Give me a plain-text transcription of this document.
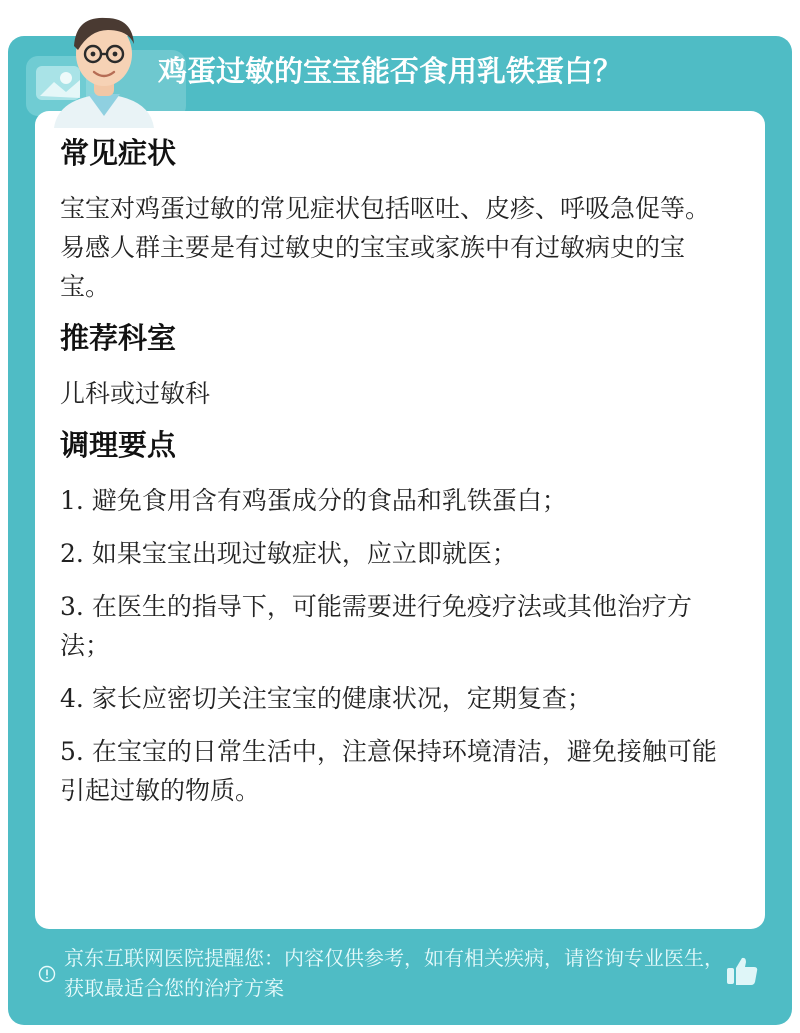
鸡蛋过敏的宝宝能否食用乳铁蛋白？
常见症状
宝宝对鸡蛋过敏的常见症状包括呕吐、皮疹、呼吸急促等。易感人群主要是有过敏史的宝宝或家族中有过敏病史的宝宝。
推荐科室
儿科或过敏科
调理要点
1. 避免食用含有鸡蛋成分的食品和乳铁蛋白；
2. 如果宝宝出现过敏症状，应立即就医；
3. 在医生的指导下，可能需要进行免疫疗法或其他治疗方法；
4. 家长应密切关注宝宝的健康状况，定期复查；
5. 在宝宝的日常生活中，注意保持环境清洁，避免接触可能引起过敏的物质。
京东互联网医院提醒您：内容仅供参考，如有相关疾病，请咨询专业医生，获取最适合您的治疗方案
